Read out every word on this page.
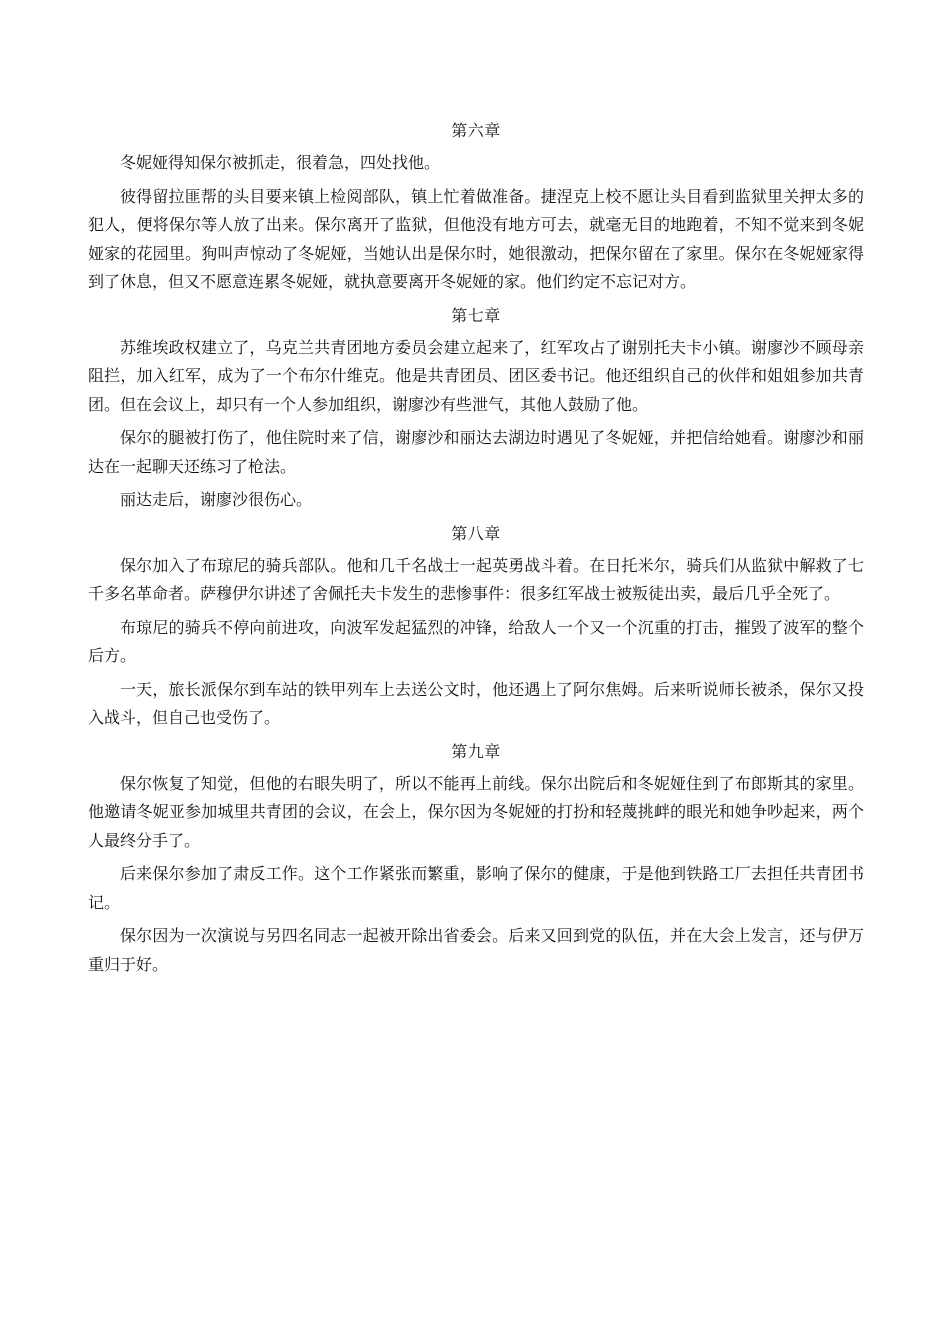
第六章

冬妮娅得知保尔被抓走，很着急，四处找他。

彼得留拉匪帮的头目要来镇上检阅部队，镇上忙着做准备。捷涅克上校不愿让头目看到监狱里关押太多的犯人，便将保尔等人放了出来。保尔离开了监狱，但他没有地方可去，就毫无目的地跑着，不知不觉来到冬妮娅家的花园里。狗叫声惊动了冬妮娅，当她认出是保尔时，她很激动，把保尔留在了家里。保尔在冬妮娅家得到了休息，但又不愿意连累冬妮娅，就执意要离开冬妮娅的家。他们约定不忘记对方。

第七章

苏维埃政权建立了，乌克兰共青团地方委员会建立起来了，红军攻占了谢别托夫卡小镇。谢廖沙不顾母亲阻拦，加入红军，成为了一个布尔什维克。他是共青团员、团区委书记。他还组织自己的伙伴和姐姐参加共青团。但在会议上，却只有一个人参加组织，谢廖沙有些泄气，其他人鼓励了他。

保尔的腿被打伤了，他住院时来了信，谢廖沙和丽达去湖边时遇见了冬妮娅，并把信给她看。谢廖沙和丽达在一起聊天还练习了枪法。

丽达走后，谢廖沙很伤心。

第八章

保尔加入了布琼尼的骑兵部队。他和几千名战士一起英勇战斗着。在日托米尔，骑兵们从监狱中解救了七千多名革命者。萨穆伊尔讲述了舍佩托夫卡发生的悲惨事件：很多红军战士被叛徒出卖，最后几乎全死了。

布琼尼的骑兵不停向前进攻，向波军发起猛烈的冲锋，给敌人一个又一个沉重的打击，摧毁了波军的整个后方。

一天，旅长派保尔到车站的铁甲列车上去送公文时，他还遇上了阿尔焦姆。后来听说师长被杀，保尔又投入战斗，但自己也受伤了。

第九章

保尔恢复了知觉，但他的右眼失明了，所以不能再上前线。保尔出院后和冬妮娅住到了布郎斯其的家里。他邀请冬妮亚参加城里共青团的会议，在会上，保尔因为冬妮娅的打扮和轻蔑挑衅的眼光和她争吵起来，两个人最终分手了。

后来保尔参加了肃反工作。这个工作紧张而繁重，影响了保尔的健康，于是他到铁路工厂去担任共青团书记。

保尔因为一次演说与另四名同志一起被开除出省委会。后来又回到党的队伍，并在大会上发言，还与伊万重归于好。
